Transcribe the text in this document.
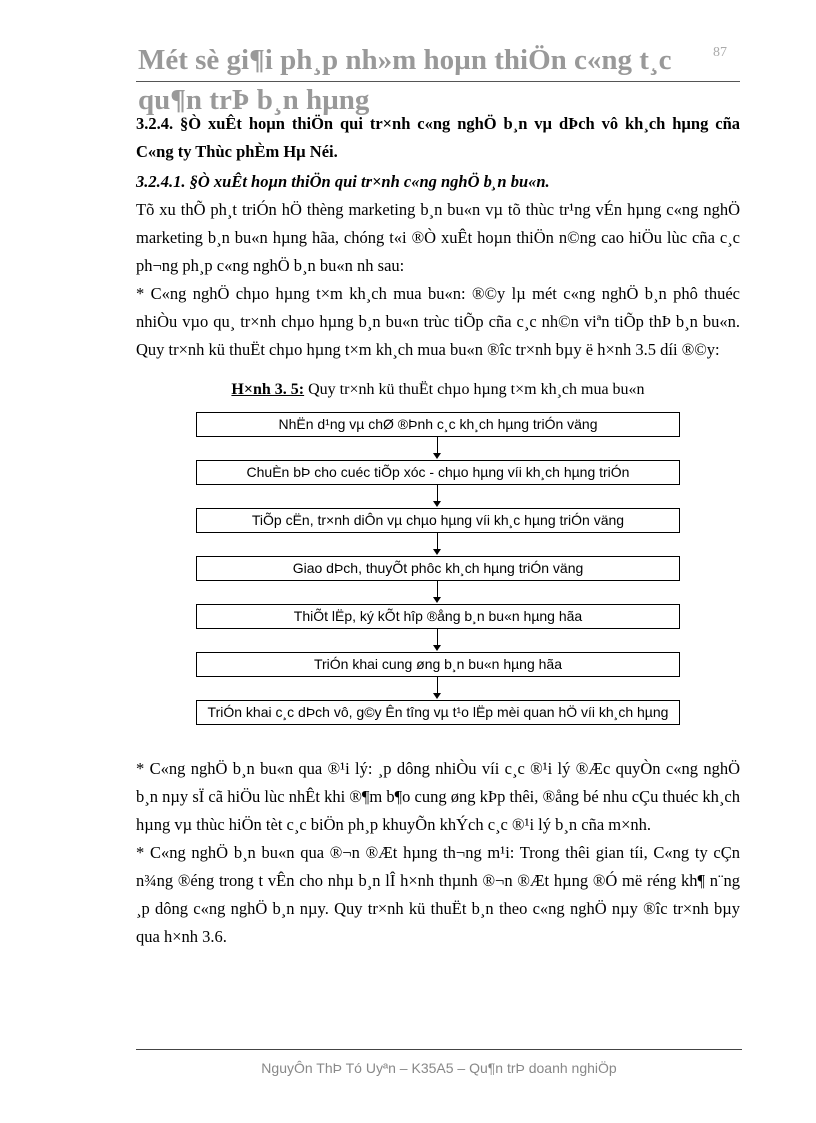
Mét sè gi¶i ph¸p nh»m hoµn thiÖn c«ng t¸c qu¶n trÞ b¸n hµng
87

3.2.4. §Ò xuÊt hoµn thiÖn qui tr×nh c«ng nghÖ b¸n vµ dÞch vô kh¸ch hµng cña C«ng ty Thùc phÈm Hµ Néi.

3.2.4.1. §Ò xuÊt hoµn thiÖn qui tr×nh c«ng nghÖ b¸n bu«n.

Tõ xu thÕ ph¸t triÓn hÖ thèng marketing b¸n bu«n vµ tõ thùc tr¹ng vÉn hµng c«ng nghÖ marketing b¸n bu«n hµng hãa, chóng t«i ®Ò xuÊt hoµn thiÖn n©ng cao hiÖu lùc cña c¸c ph¬ng ph¸p c«ng nghÖ b¸n bu«n nh sau:

* C«ng nghÖ chµo hµng t×m kh¸ch mua bu«n: ®©y lµ mét c«ng nghÖ b¸n phô thuéc nhiÒu vµo qu¸ tr×nh chµo hµng b¸n bu«n trùc tiÕp cña c¸c nh©n viªn tiÕp thÞ b¸n bu«n. Quy tr×nh kü thuËt chµo hµng t×m kh¸ch mua bu«n ®îc tr×nh bµy ë h×nh 3.5 díi ®©y:

H×nh 3. 5: Quy tr×nh kü thuËt chµo hµng t×m kh¸ch mua bu«n

NhËn d¹ng vµ chØ ®Þnh c¸c kh¸ch hµng triÓn väng
ChuÈn bÞ cho cuéc tiÕp xóc - chµo hµng víi kh¸ch hµng triÓn
TiÕp cËn, tr×nh diÔn vµ chµo hµng víi kh¸c hµng triÓn väng
Giao dÞch, thuyÕt phôc kh¸ch hµng triÓn väng
ThiÕt lËp, ký kÕt hîp ®ång b¸n bu«n hµng hãa
TriÓn khai cung øng b¸n bu«n hµng hãa
TriÓn khai c¸c dÞch vô, g©y Ên tîng vµ t¹o lËp mèi quan hÖ víi kh¸ch hµng

* C«ng nghÖ b¸n bu«n qua ®¹i lý: ¸p dông nhiÒu víi c¸c ®¹i lý ®Æc quyÒn c«ng nghÖ b¸n nµy sÏ cã hiÖu lùc nhÊt khi ®¶m b¶o cung øng kÞp thêi, ®ång bé nhu cÇu thuéc kh¸ch hµng vµ thùc hiÖn tèt c¸c biÖn ph¸p khuyÕn khÝch c¸c ®¹i lý b¸n cña m×nh.

* C«ng nghÖ b¸n bu«n qua ®¬n ®Æt hµng th¬ng m¹i: Trong thêi gian tíi, C«ng ty cÇn n¾ng ®éng trong t vÊn cho nhµ b¸n lÎ h×nh thµnh ®¬n ®Æt hµng ®Ó më réng kh¶ n¨ng ¸p dông c«ng nghÖ b¸n nµy. Quy tr×nh kü thuËt b¸n theo c«ng nghÖ nµy ®îc tr×nh bµy qua h×nh 3.6.

NguyÔn ThÞ Tó Uyªn – K35A5 – Qu¶n trÞ doanh nghiÖp
